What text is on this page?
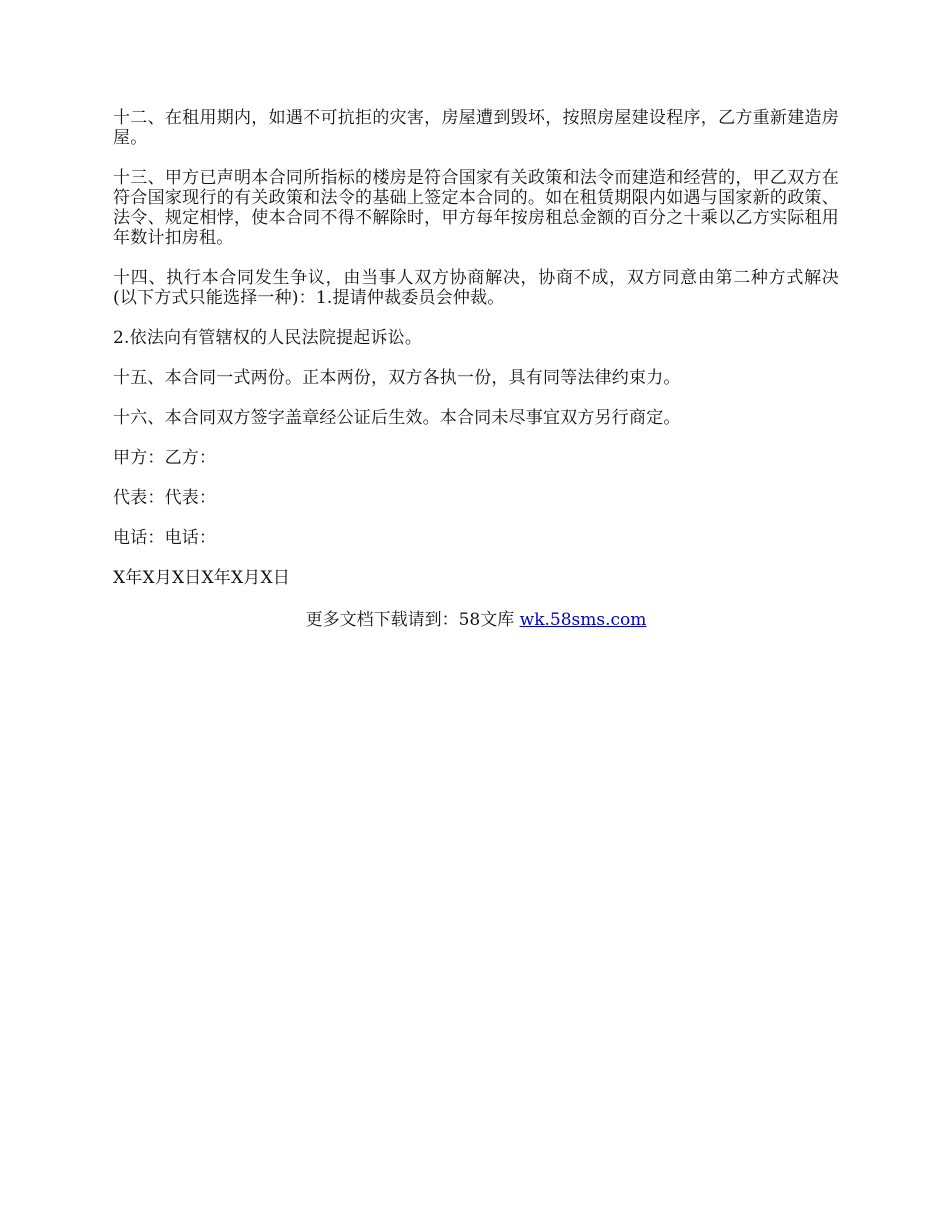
十二、在租用期内，如遇不可抗拒的灾害，房屋遭到毁坏，按照房屋建设程序，乙方重新建造房屋。

十三、甲方已声明本合同所指标的楼房是符合国家有关政策和法令而建造和经营的，甲乙双方在符合国家现行的有关政策和法令的基础上签定本合同的。如在租赁期限内如遇与国家新的政策、法令、规定相悖，使本合同不得不解除时，甲方每年按房租总金额的百分之十乘以乙方实际租用年数计扣房租。

十四、执行本合同发生争议，由当事人双方协商解决，协商不成，双方同意由第二种方式解决(以下方式只能选择一种)：1.提请仲裁委员会仲裁。

2.依法向有管辖权的人民法院提起诉讼。

十五、本合同一式两份。正本两份，双方各执一份，具有同等法律约束力。

十六、本合同双方签字盖章经公证后生效。本合同未尽事宜双方另行商定。

甲方：乙方：

代表：代表：

电话：电话：

X年X月X日X年X月X日

更多文档下载请到：58文库 wk.58sms.com
